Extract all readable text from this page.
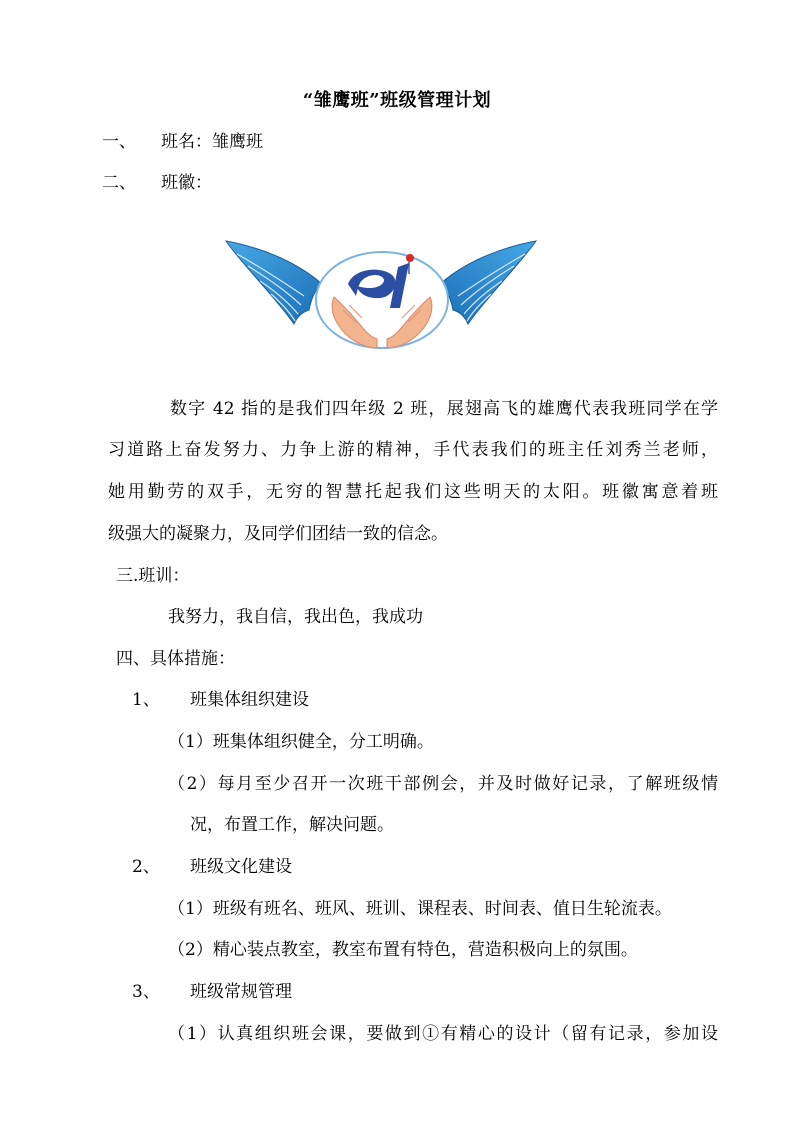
“雏鹰班”班级管理计划
一、 班名：雏鹰班
二、 班徽：
数字 42 指的是我们四年级 2 班，展翅高飞的雄鹰代表我班同学在学
习道路上奋发努力、力争上游的精神，手代表我们的班主任刘秀兰老师，
她用勤劳的双手，无穷的智慧托起我们这些明天的太阳。班徽寓意着班
级强大的凝聚力，及同学们团结一致的信念。
三.班训：
我努力，我自信，我出色，我成功
四、具体措施：
1、 班集体组织建设
（1）班集体组织健全，分工明确。
（2）每月至少召开一次班干部例会，并及时做好记录，了解班级情
况，布置工作，解决问题。
2、 班级文化建设
（1）班级有班名、班风、班训、课程表、时间表、值日生轮流表。
（2）精心装点教室，教室布置有特色，营造积极向上的氛围。
3、 班级常规管理
（1）认真组织班会课，要做到①有精心的设计（留有记录，参加设
